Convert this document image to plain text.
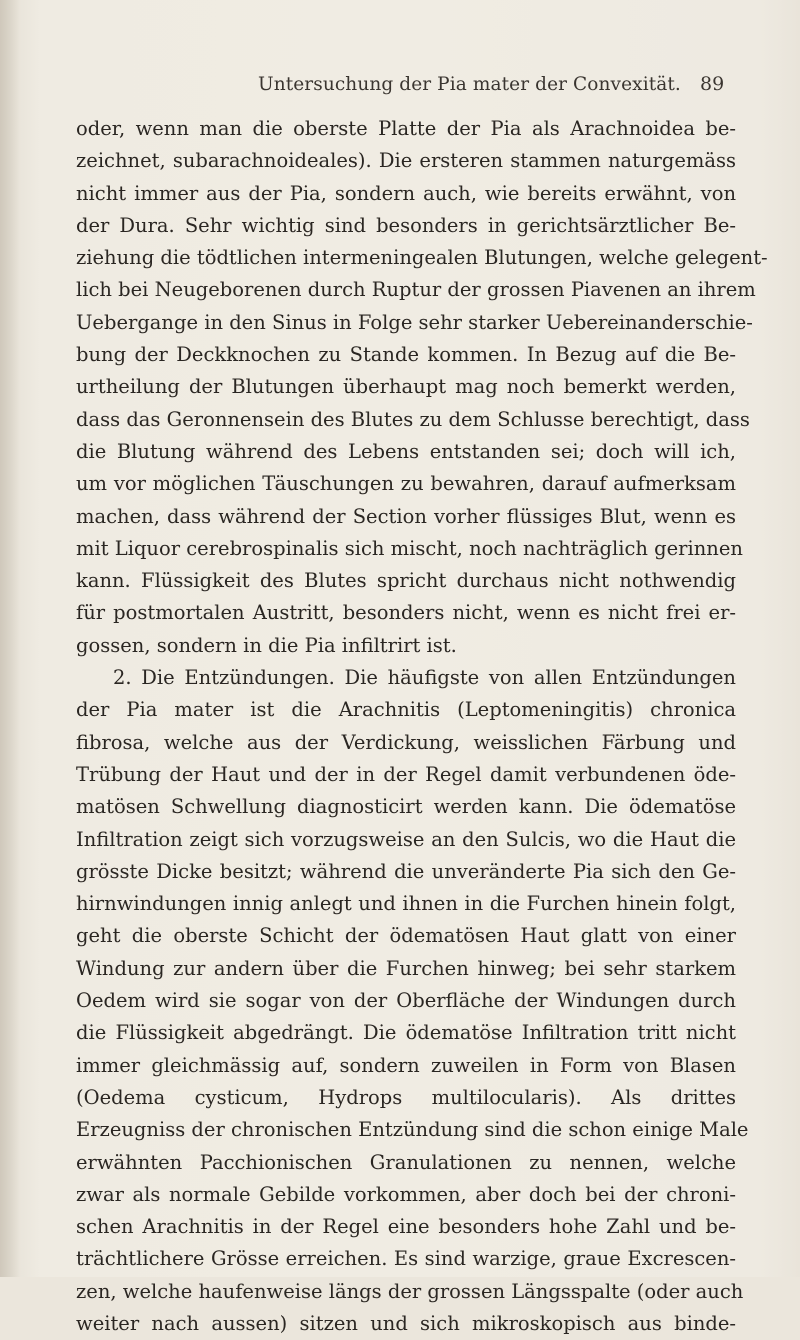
Untersuchung der Pia mater der Convexität. 89
oder, wenn man die oberste Platte der Pia als Arachnoidea be-
zeichnet, subarachnoideales). Die ersteren stammen naturgemäss
nicht immer aus der Pia, sondern auch, wie bereits erwähnt, von
der Dura. Sehr wichtig sind besonders in gerichtsärztlicher Be-
ziehung die tödtlichen intermeningealen Blutungen, welche gelegent-
lich bei Neugeborenen durch Ruptur der grossen Piavenen an ihrem
Uebergange in den Sinus in Folge sehr starker Uebereinanderschie-
bung der Deckknochen zu Stande kommen. In Bezug auf die Be-
urtheilung der Blutungen überhaupt mag noch bemerkt werden,
dass das Geronnensein des Blutes zu dem Schlusse berechtigt, dass
die Blutung während des Lebens entstanden sei; doch will ich,
um vor möglichen Täuschungen zu bewahren, darauf aufmerksam
machen, dass während der Section vorher flüssiges Blut, wenn es
mit Liquor cerebrospinalis sich mischt, noch nachträglich gerinnen
kann. Flüssigkeit des Blutes spricht durchaus nicht nothwendig
für postmortalen Austritt, besonders nicht, wenn es nicht frei er-
gossen, sondern in die Pia infiltrirt ist.
2. Die Entzündungen. Die häufigste von allen Entzündungen
der Pia mater ist die Arachnitis (Leptomeningitis) chronica
fibrosa, welche aus der Verdickung, weisslichen Färbung und
Trübung der Haut und der in der Regel damit verbundenen öde-
matösen Schwellung diagnosticirt werden kann. Die ödematöse
Infiltration zeigt sich vorzugsweise an den Sulcis, wo die Haut die
grösste Dicke besitzt; während die unveränderte Pia sich den Ge-
hirnwindungen innig anlegt und ihnen in die Furchen hinein folgt,
geht die oberste Schicht der ödematösen Haut glatt von einer
Windung zur andern über die Furchen hinweg; bei sehr starkem
Oedem wird sie sogar von der Oberfläche der Windungen durch
die Flüssigkeit abgedrängt. Die ödematöse Infiltration tritt nicht
immer gleichmässig auf, sondern zuweilen in Form von Blasen
(Oedema cysticum, Hydrops multilocularis). Als drittes
Erzeugniss der chronischen Entzündung sind die schon einige Male
erwähnten Pacchionischen Granulationen zu nennen, welche
zwar als normale Gebilde vorkommen, aber doch bei der chroni-
schen Arachnitis in der Regel eine besonders hohe Zahl und be-
trächtlichere Grösse erreichen. Es sind warzige, graue Excrescen-
zen, welche haufenweise längs der grossen Längsspalte (oder auch
weiter nach aussen) sitzen und sich mikroskopisch aus binde-
